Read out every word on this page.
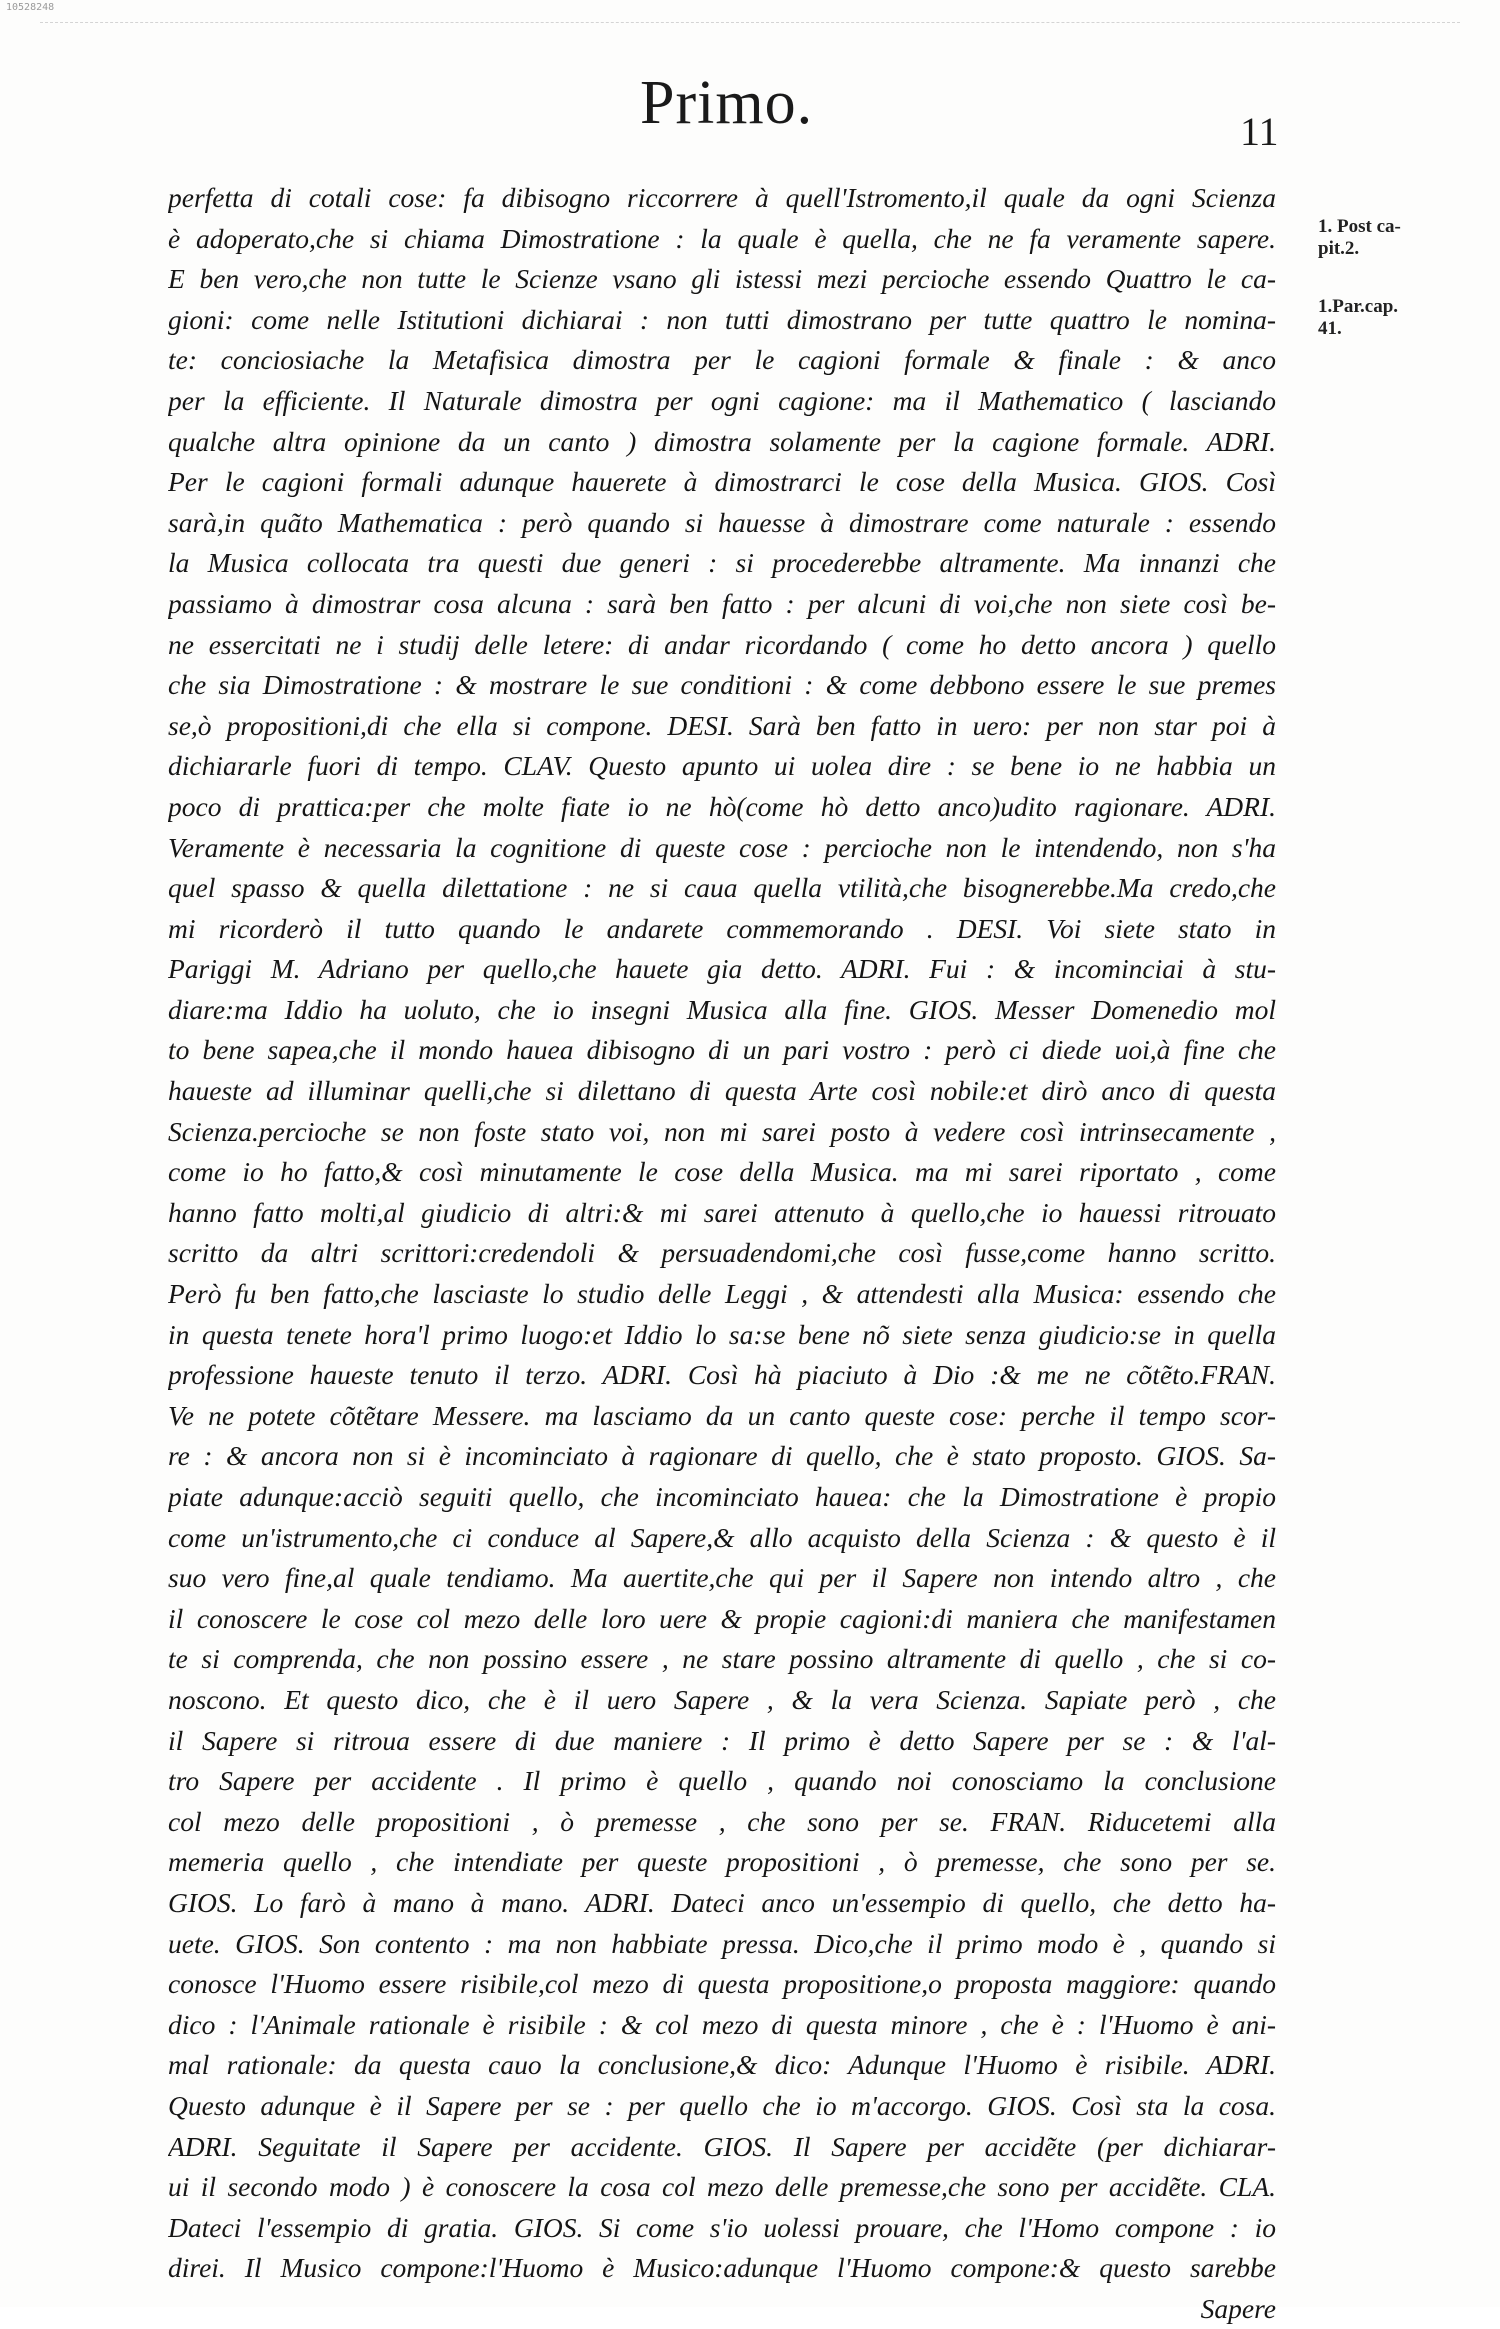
10528248
Primo.	11
1. Post ca-
pit.2.
1.Par.cap.
41.
perfetta di cotali cose: fa dibisogno riccorrere à quell'Istromento,il quale da ogni Scienza
è adoperato,che si chiama Dimostratione : la quale è quella, che ne fa veramente sapere.
E ben vero,che non tutte le Scienze vsano gli istessi mezi percioche essendo Quattro le ca-
gioni: come nelle Istitutioni dichiarai : non tutti dimostrano per tutte quattro le nomina-
te: conciosiache la Metafisica dimostra per le cagioni formale & finale : & anco
per la efficiente. Il Naturale dimostra per ogni cagione: ma il Mathematico ( lasciando
qualche altra opinione da un canto ) dimostra solamente per la cagione formale. ADRI.
Per le cagioni formali adunque hauerete à dimostrarci le cose della Musica. GIOS. Così
sarà,in quãto Mathematica : però quando si hauesse à dimostrare come naturale : essendo
la Musica collocata tra questi due generi : si procederebbe altramente. Ma innanzi che
passiamo à dimostrar cosa alcuna : sarà ben fatto : per alcuni di voi,che non siete così be-
ne essercitati ne i studij delle letere: di andar ricordando ( come ho detto ancora ) quello
che sia Dimostratione : & mostrare le sue conditioni : & come debbono essere le sue premes
se,ò propositioni,di che ella si compone. DESI. Sarà ben fatto in uero: per non star poi à
dichiararle fuori di tempo. CLAV. Questo apunto ui uolea dire : se bene io ne habbia un
poco di prattica:per che molte fiate io ne hò(come hò detto anco)udito ragionare. ADRI.
Veramente è necessaria la cognitione di queste cose : percioche non le intendendo, non s'ha
quel spasso & quella dilettatione : ne si caua quella vtilità,che bisognerebbe.Ma credo,che
mi ricorderò il tutto quando le andarete commemorando . DESI. Voi siete stato in
Pariggi M. Adriano per quello,che hauete gia detto. ADRI. Fui : & incominciai à stu-
diare:ma Iddio ha uoluto, che io insegni Musica alla fine. GIOS. Messer Domenedio mol
to bene sapea,che il mondo hauea dibisogno di un pari vostro : però ci diede uoi,à fine che
haueste ad illuminar quelli,che si dilettano di questa Arte così nobile:et dirò anco di questa
Scienza.percioche se non foste stato voi, non mi sarei posto à vedere così intrinsecamente ,
come io ho fatto,& così minutamente le cose della Musica. ma mi sarei riportato , come
hanno fatto molti,al giudicio di altri:& mi sarei attenuto à quello,che io hauessi ritrouato
scritto da altri scrittori:credendoli & persuadendomi,che così fusse,come hanno scritto.
Però fu ben fatto,che lasciaste lo studio delle Leggi , & attendesti alla Musica: essendo che
in questa tenete hora'l primo luogo:et Iddio lo sa:se bene nõ siete senza giudicio:se in quella
professione haueste tenuto il terzo. ADRI. Così hà piaciuto à Dio :& me ne cõtẽto.FRAN.
Ve ne potete cõtẽtare Messere. ma lasciamo da un canto queste cose: perche il tempo scor-
re : & ancora non si è incominciato à ragionare di quello, che è stato proposto. GIOS. Sa-
piate adunque:acciò seguiti quello, che incominciato hauea: che la Dimostratione è propio
come un'istrumento,che ci conduce al Sapere,& allo acquisto della Scienza : & questo è il
suo vero fine,al quale tendiamo. Ma auertite,che qui per il Sapere non intendo altro , che
il conoscere le cose col mezo delle loro uere & propie cagioni:di maniera che manifestamen
te si comprenda, che non possino essere , ne stare possino altramente di quello , che si co-
noscono. Et questo dico, che è il uero Sapere , & la vera Scienza. Sapiate però , che
il Sapere si ritroua essere di due maniere : Il primo è detto Sapere per se : & l'al-
tro Sapere per accidente . Il primo è quello , quando noi conosciamo la conclusione
col mezo delle propositioni , ò premesse , che sono per se. FRAN. Riducetemi alla
memeria quello , che intendiate per queste propositioni , ò premesse, che sono per se.
GIOS. Lo farò à mano à mano. ADRI. Dateci anco un'essempio di quello, che detto ha-
uete. GIOS. Son contento : ma non habbiate pressa. Dico,che il primo modo è , quando si
conosce l'Huomo essere risibile,col mezo di questa propositione,o proposta maggiore: quando
dico : l'Animale rationale è risibile : & col mezo di questa minore , che è : l'Huomo è ani-
mal rationale: da questa cauo la conclusione,& dico: Adunque l'Huomo è risibile. ADRI.
Questo adunque è il Sapere per se : per quello che io m'accorgo. GIOS. Così sta la cosa.
ADRI. Seguitate il Sapere per accidente. GIOS. Il Sapere per accidẽte (per dichiarar-
ui il secondo modo ) è conoscere la cosa col mezo delle premesse,che sono per accidẽte. CLA.
Dateci l'essempio di gratia. GIOS. Si come s'io uolessi prouare, che l'Homo compone : io
direi. Il Musico compone:l'Huomo è Musico:adunque l'Huomo compone:& questo sarebbe
Sapere
